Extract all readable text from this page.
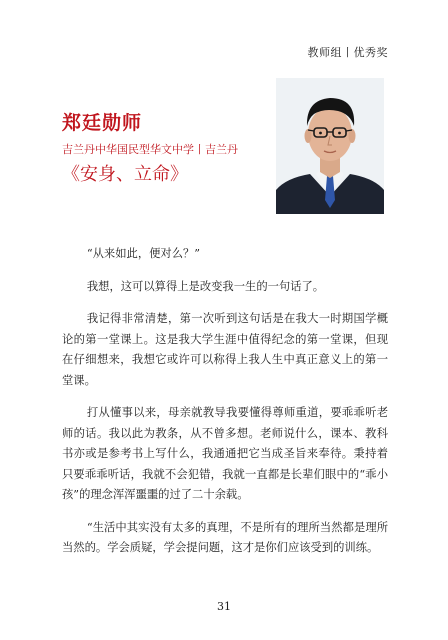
教师组丨优秀奖
郑廷勋师
吉兰丹中华国民型华文中学丨吉兰丹
《安身、立命》

“从来如此，便对么？”

我想，这可以算得上是改变我一生的一句话了。

我记得非常清楚，第一次听到这句话是在我大一时期国学概论的第一堂课上。这是我大学生涯中值得纪念的第一堂课，但现在仔细想来，我想它或许可以称得上我人生中真正意义上的第一堂课。

打从懂事以来，母亲就教导我要懂得尊师重道，要乖乖听老师的话。我以此为教条，从不曾多想。老师说什么，课本、教科书亦或是参考书上写什么，我通通把它当成圣旨来奉待。秉持着只要乖乖听话，我就不会犯错，我就一直都是长辈们眼中的“乖小孩”的理念浑浑噩噩的过了二十余载。

“生活中其实没有太多的真理，不是所有的理所当然都是理所当然的。学会质疑，学会提问题，这才是你们应该受到的训练。

31
